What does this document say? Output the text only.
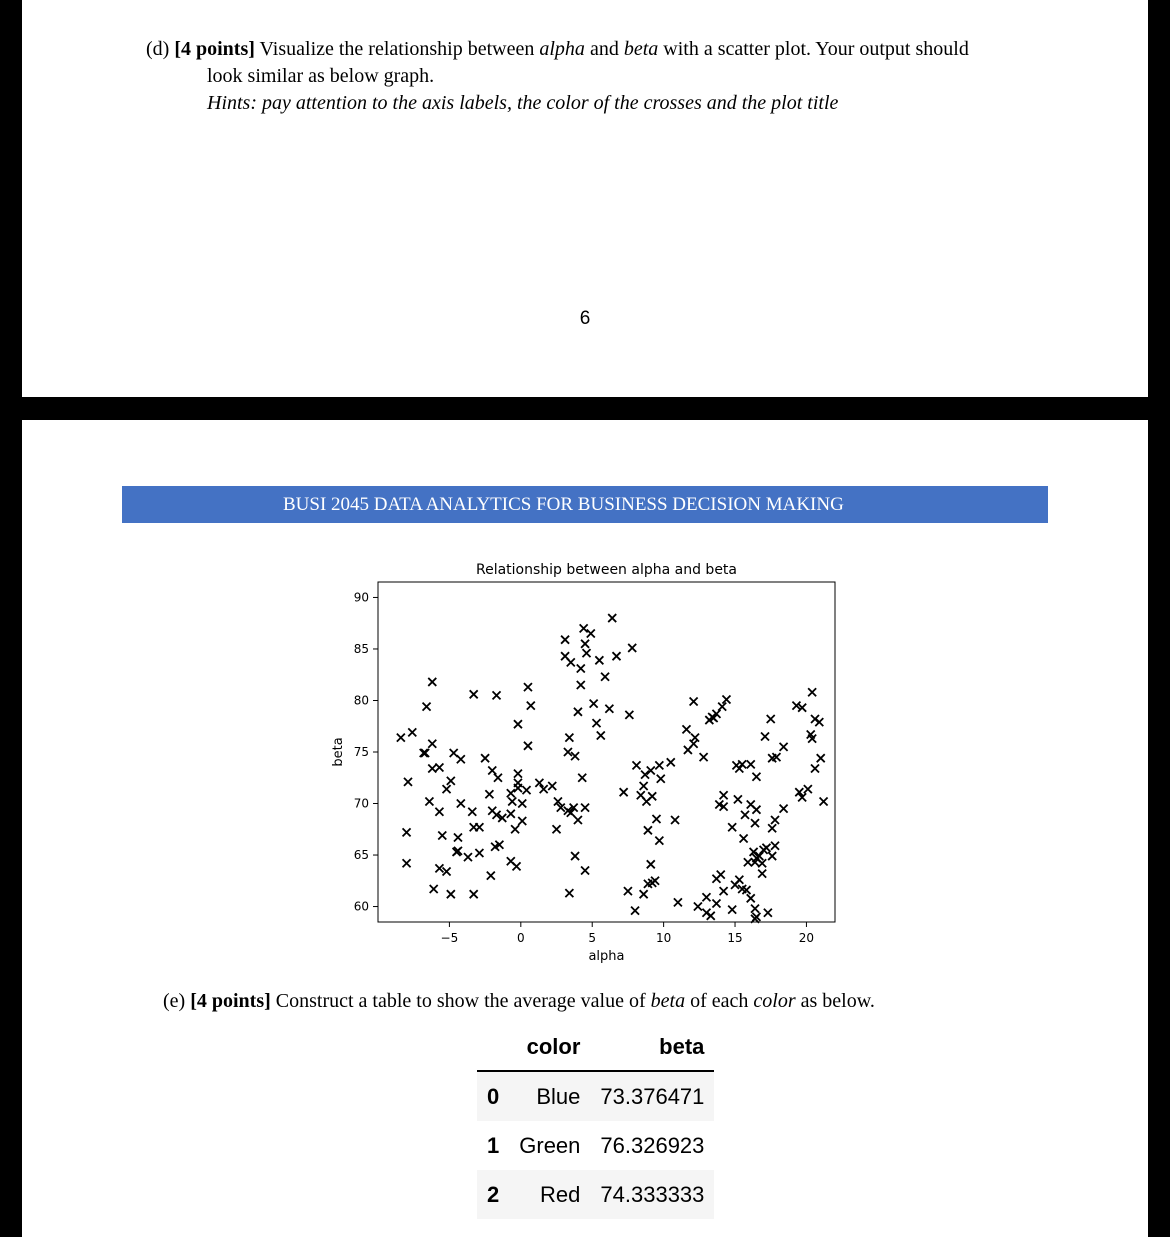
(d) [4 points] Visualize the relationship between alpha and beta with a scatter plot. Your output should
look similar as below graph.
Hints: pay attention to the axis labels, the color of the crosses and the plot title

6
BUSI 2045 DATA ANALYTICS FOR BUSINESS DECISION MAKING
Relationship between alpha and beta
−5	0	5	10	15	20
60
65
70
75
80
85
90
alpha
beta

(e) [4 points] Construct a table to show the average value of beta of each color as below.

	color	beta
0	Blue	73.376471
1	Green	76.326923
2	Red	74.333333
